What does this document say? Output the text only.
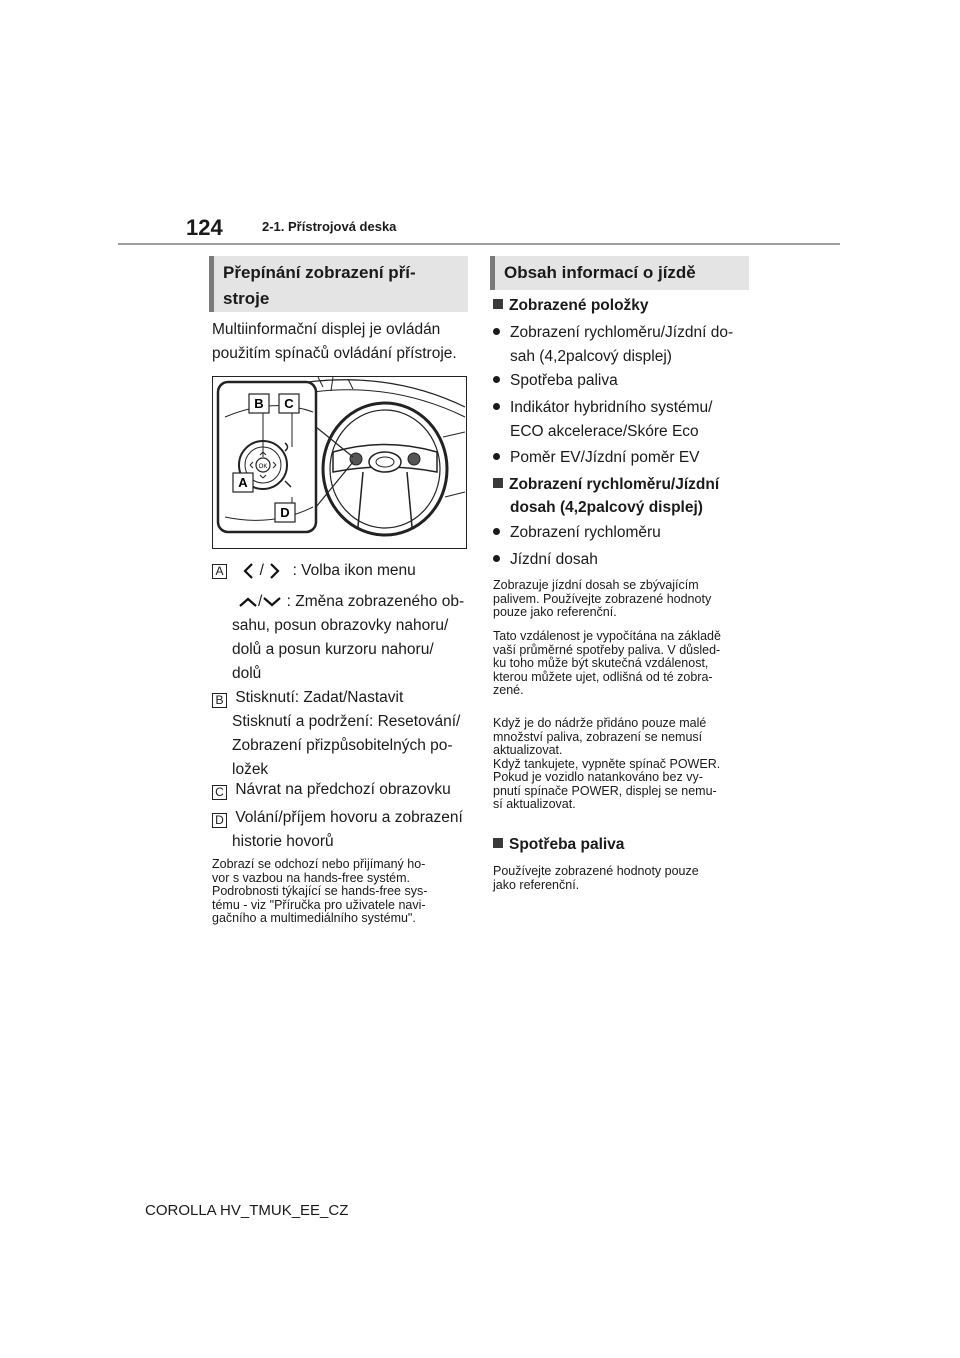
124	2-1. Přístrojová deska
Přepínání zobrazení pří-
stroje
Multiinformační displej je ovládán
použitím spínačů ovládání přístroje.
OK
B C
A
D
A / : Volba ikon menu
/ : Změna zobrazeného ob-
sahu, posun obrazovky nahoru/
dolů a posun kurzoru nahoru/
dolů
B Stisknutí: Zadat/Nastavit
Stisknutí a podržení: Resetování/
Zobrazení přizpůsobitelných po-
ložek
C Návrat na předchozí obrazovku
D Volání/příjem hovoru a zobrazení
historie hovorů
Zobrazí se odchozí nebo přijímaný ho-
vor s vazbou na hands-free systém.
Podrobnosti týkající se hands-free sys-
tému - viz "Příručka pro uživatele navi-
gačního a multimediálního systému".
Obsah informací o jízdě
Zobrazené položky
Zobrazení rychloměru/Jízdní do-
sah (4,2palcový displej)
Spotřeba paliva
Indikátor hybridního systému/
ECO akcelerace/Skóre Eco
Poměr EV/Jízdní poměr EV
Zobrazení rychloměru/Jízdní
dosah (4,2palcový displej)
Zobrazení rychloměru
Jízdní dosah
Zobrazuje jízdní dosah se zbývajícím
palivem. Používejte zobrazené hodnoty
pouze jako referenční.
Tato vzdálenost je vypočítána na základě
vaší průměrné spotřeby paliva. V důsled-
ku toho může být skutečná vzdálenost,
kterou můžete ujet, odlišná od té zobra-
zené.
Když je do nádrže přidáno pouze malé
množství paliva, zobrazení se nemusí
aktualizovat.
Když tankujete, vypněte spínač POWER.
Pokud je vozidlo natankováno bez vy-
pnutí spínače POWER, displej se nemu-
sí aktualizovat.
Spotřeba paliva
Používejte zobrazené hodnoty pouze
jako referenční.
COROLLA HV_TMUK_EE_CZ
